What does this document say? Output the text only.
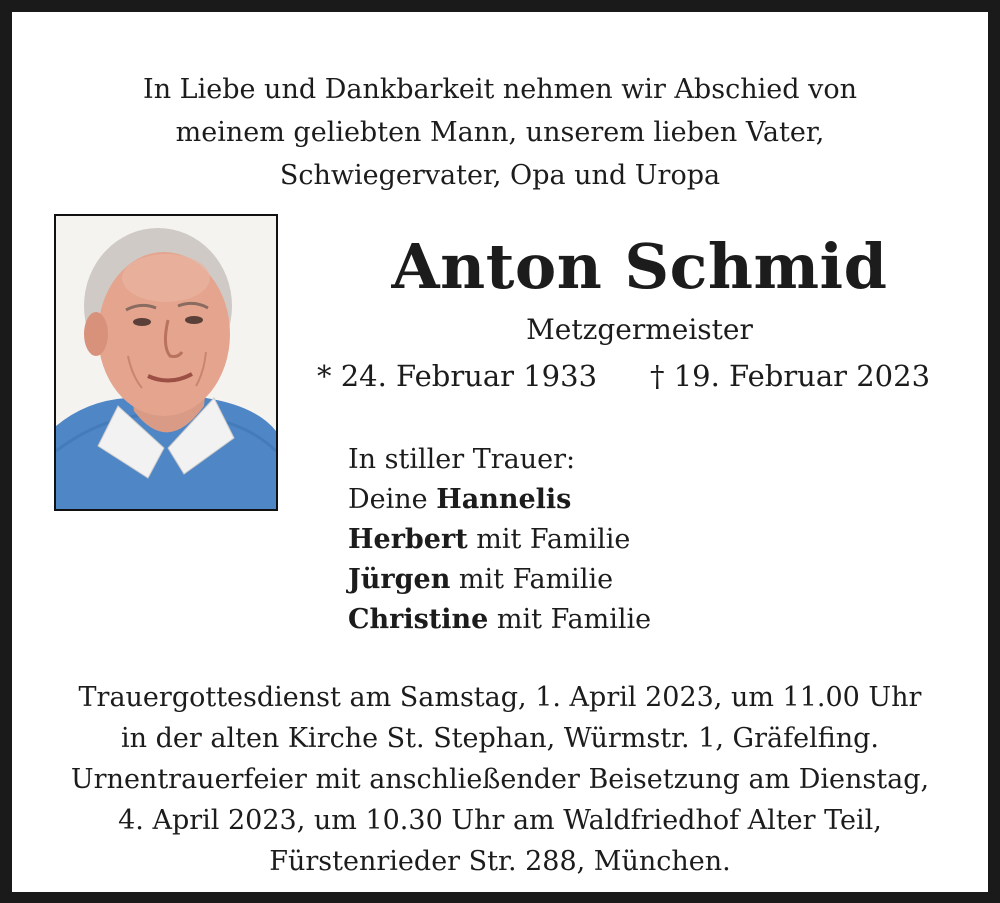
In Liebe und Dankbarkeit nehmen wir Abschied von
meinem geliebten Mann, unserem lieben Vater,
Schwiegervater, Opa und Uropa
Anton Schmid
Metzgermeister
* 24. Februar 1933 † 19. Februar 2023
In stiller Trauer:
Deine Hannelis
Herbert mit Familie
Jürgen mit Familie
Christine mit Familie
Trauergottesdienst am Samstag, 1. April 2023, um 11.00 Uhr
in der alten Kirche St. Stephan, Würmstr. 1, Gräfelfing.
Urnentrauerfeier mit anschließender Beisetzung am Dienstag,
4. April 2023, um 10.30 Uhr am Waldfriedhof Alter Teil,
Fürstenrieder Str. 288, München.
